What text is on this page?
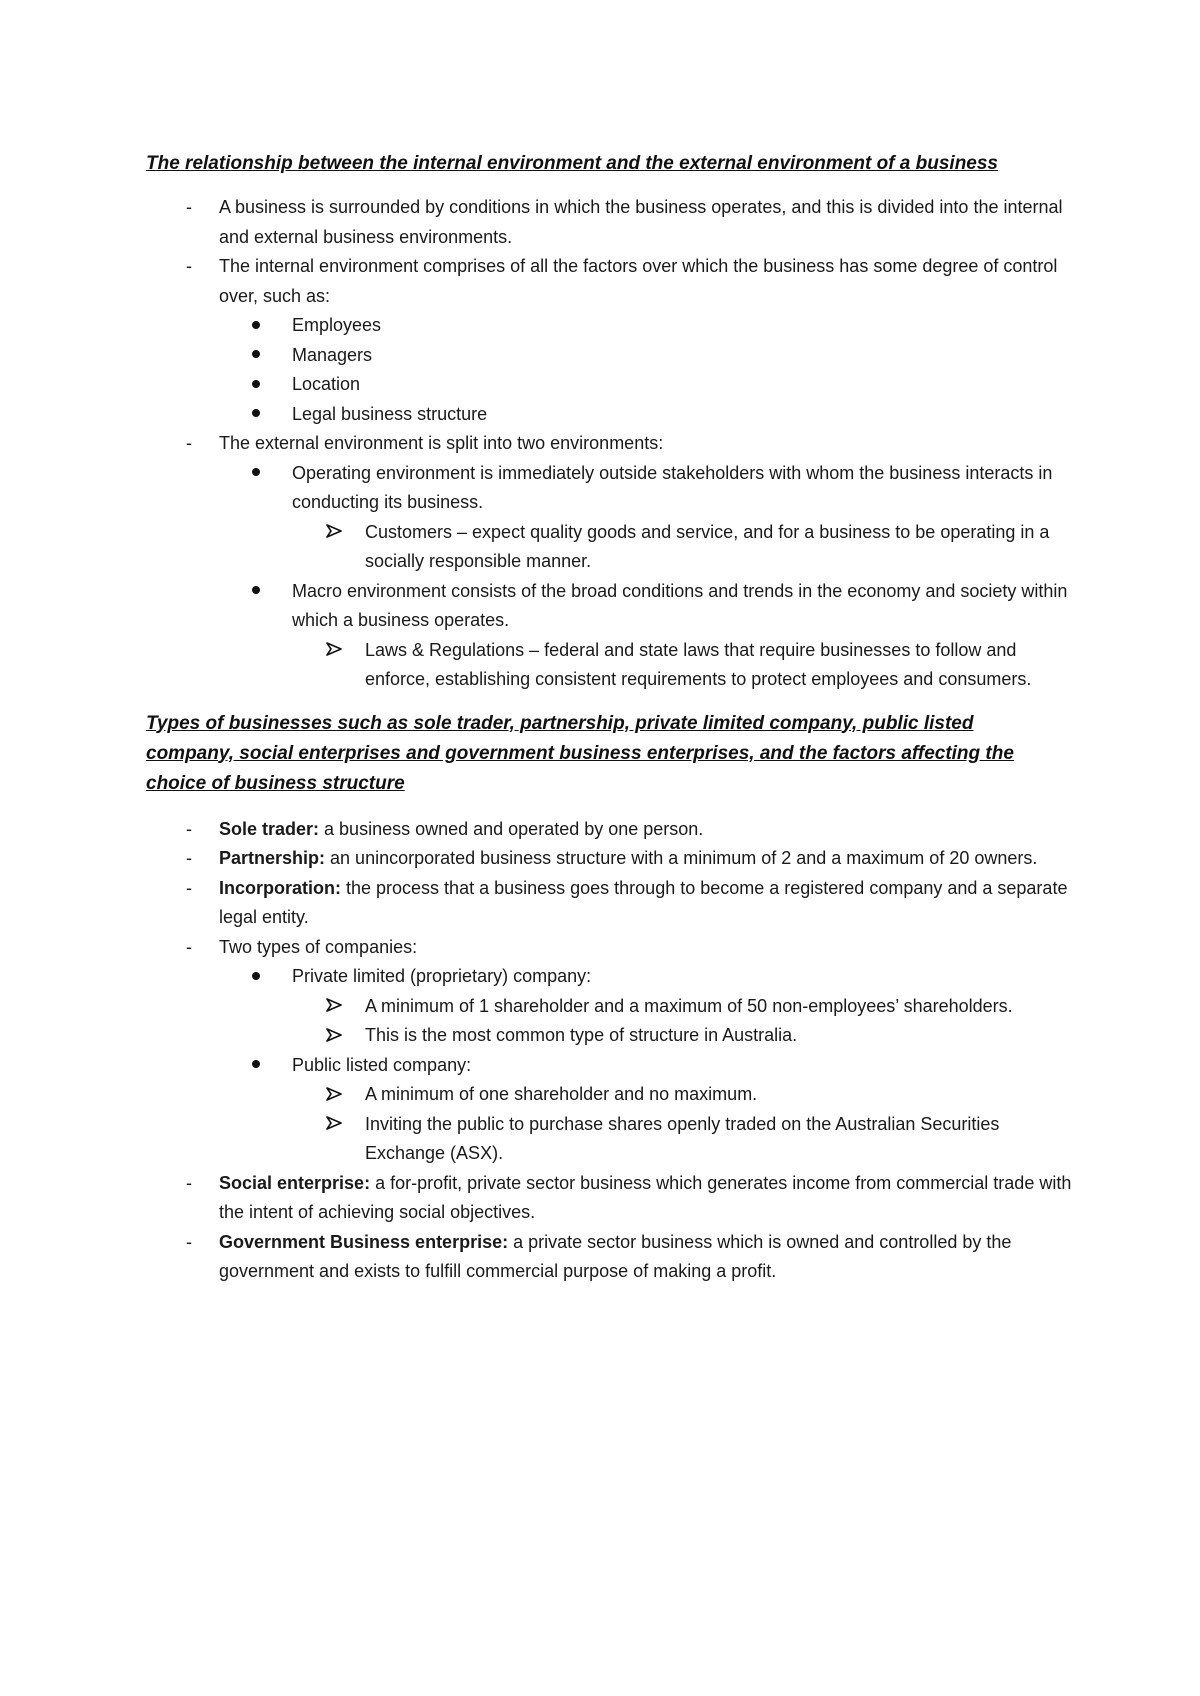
The relationship between the internal environment and the external environment of a business

-
A business is surrounded by conditions in which the business operates, and this is divided into the internal and external business environments.
-
The internal environment comprises of all the factors over which the business has some degree of control over, such as:
Employees
Managers
Location
Legal business structure
-
The external environment is split into two environments:
Operating environment is immediately outside stakeholders with whom the business interacts in conducting its business.
Customers – expect quality goods and service, and for a business to be operating in a socially responsible manner.
Macro environment consists of the broad conditions and trends in the economy and society within which a business operates.
Laws & Regulations – federal and state laws that require businesses to follow and enforce, establishing consistent requirements to protect employees and consumers.

Types of businesses such as sole trader, partnership, private limited company, public listed company, social enterprises and government business enterprises, and the factors affecting the choice of business structure

-
Sole trader: a business owned and operated by one person.
-
Partnership: an unincorporated business structure with a minimum of 2 and a maximum of 20 owners.
-
Incorporation: the process that a business goes through to become a registered company and a separate legal entity.
-
Two types of companies:
Private limited (proprietary) company:
A minimum of 1 shareholder and a maximum of 50 non-employees’ shareholders.
This is the most common type of structure in Australia.
Public listed company:
A minimum of one shareholder and no maximum.
Inviting the public to purchase shares openly traded on the Australian Securities Exchange (ASX).
-
Social enterprise: a for-profit, private sector business which generates income from commercial trade with the intent of achieving social objectives.
-
Government Business enterprise: a private sector business which is owned and controlled by the government and exists to fulfill commercial purpose of making a profit.
